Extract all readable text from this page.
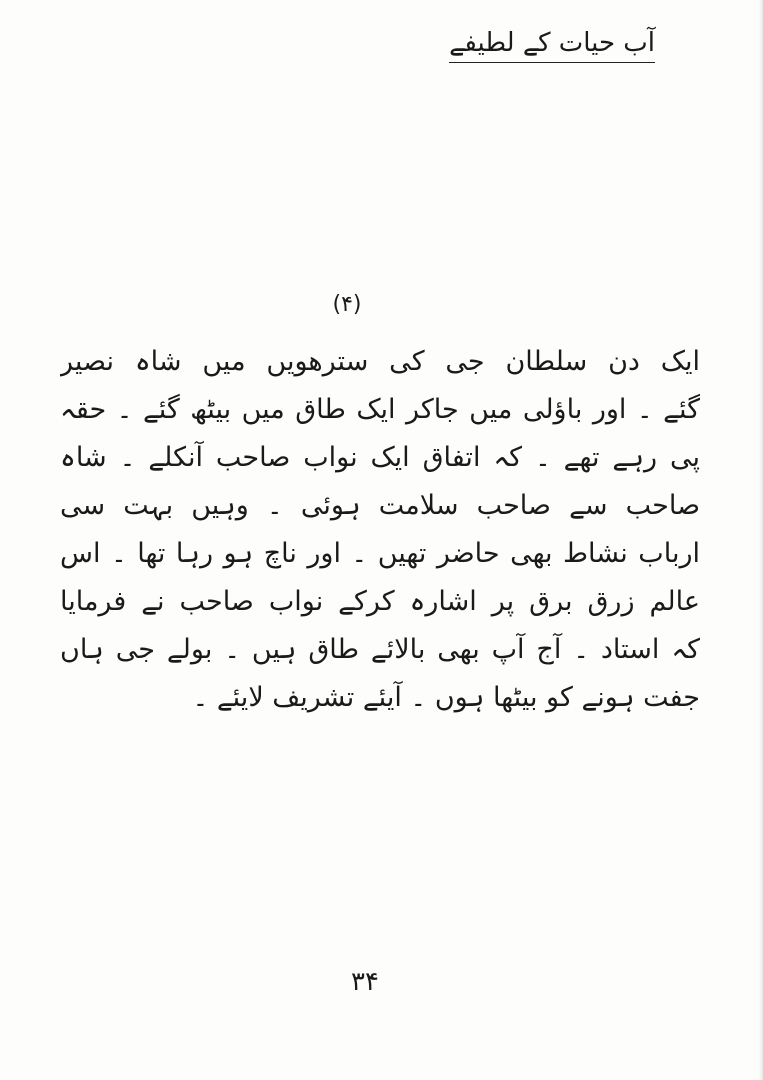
آب حیات کے لطیفے
(۴)
ایک دن سلطان جی کی سترھویں میں شاہ نصیر
گئے ۔ اور باؤلی میں جاکر ایک طاق میں بیٹھ گئے ۔ حقہ
پی رہے تھے ۔ کہ اتفاق ایک نواب صاحب آنکلے ۔ شاہ
صاحب سے صاحب سلامت ہوئی ۔ وہیں بہت سی
ارباب نشاط بھی حاضر تھیں ۔ اور ناچ ہو رہا تھا ۔ اس
عالم زرق برق پر اشارہ کرکے نواب صاحب نے فرمایا
کہ استاد ۔ آج آپ بھی بالائے طاق ہیں ۔ بولے جی ہاں
جفت ہونے کو بیٹھا ہوں ۔ آیئے تشریف لایئے ۔
۳۴
